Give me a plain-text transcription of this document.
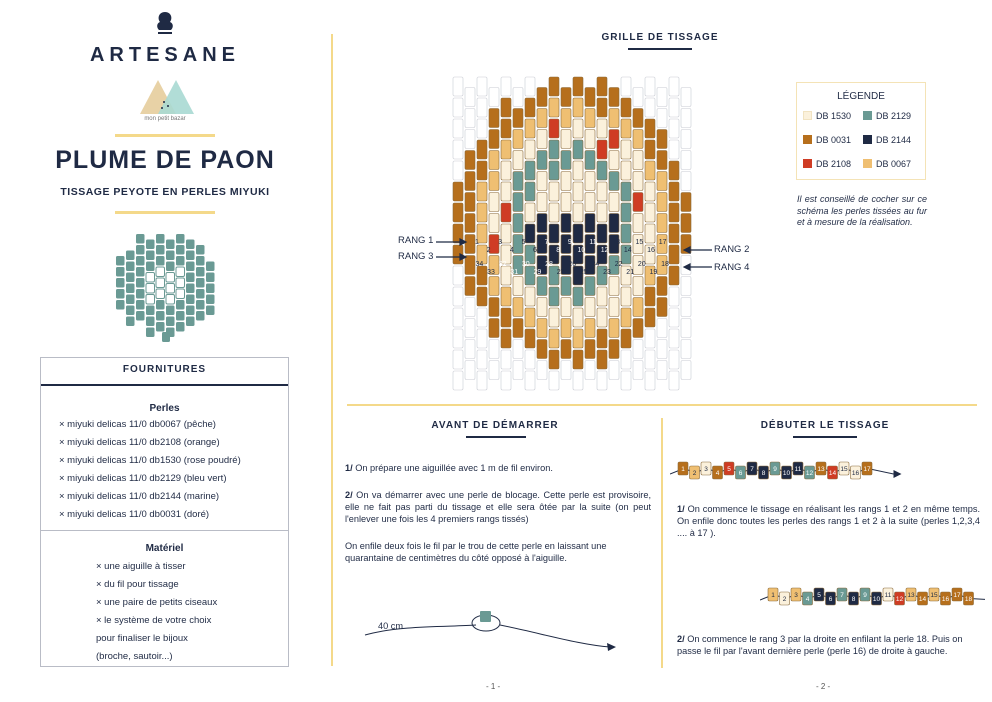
ARTESANE
mon petit bazar
PLUME DE PAON
TISSAGE PEYOTE EN PERLES MIYUKI
FOURNITURES
Perles
× miyuki delicas 11/0 db0067 (pêche)
× miyuki delicas 11/0 db2108 (orange)
× miyuki delicas 11/0 db1530 (rose poudré)
× miyuki delicas 11/0 db2129 (bleu vert)
× miyuki delicas 11/0 db2144 (marine)
× miyuki delicas 11/0 db0031 (doré)
Matériel
× une aiguille à tisser
× du fil pour tissage
× une paire de petits ciseaux
× le système de votre choix
pour finaliser le bijoux
(broche, sautoir...)
GRILLE DE TISSAGE
1
2
3
4
5
6
7
8
9
10
11
12
13
14
15
16
17
18
19
20
21
22
23
24
25
26
27
28
29
30
31
32
33
34
RANG 1
RANG 3
RANG 2
RANG 4
LÉGENDE
DB 1530	DB 2129
DB 0031	DB 2144
DB 2108	DB 0067
Il est conseillé de cocher sur ce schéma les perles tissées au fur et à mesure de la réalisation.
AVANT DE DÉMARRER
1/ On prépare une aiguillée avec 1 m de fil environ.
2/ On va démarrer avec une perle de blocage. Cette perle est provisoire, elle ne fait pas parti du tissage et elle sera ôtée par la suite (on peut l'enlever une fois les 4 premiers rangs tissés)
On enfile deux fois le fil par le trou de cette perle en laissant une quarantaine de centimètres du côté opposé à l'aiguille.
40 cm
- 1 -
DÉBUTER LE TISSAGE
1
2
3
4
5
6
7
8
9
10
11
12
13
14
15
16
17
1/ On commence le tissage en réalisant les rangs 1 et 2 en même temps. On enfile donc toutes les perles des rangs 1 et 2 à la suite (perles 1,2,3,4 .... à 17 ).
1
2
3
4
5
6
7
8
9
10
11
12
13
14
15
16
17
18
2/ On commence le rang 3 par la droite en enfilant la perle 18. Puis on passe le fil par l'avant dernière perle (perle 16) de droite à gauche.
- 2 -
